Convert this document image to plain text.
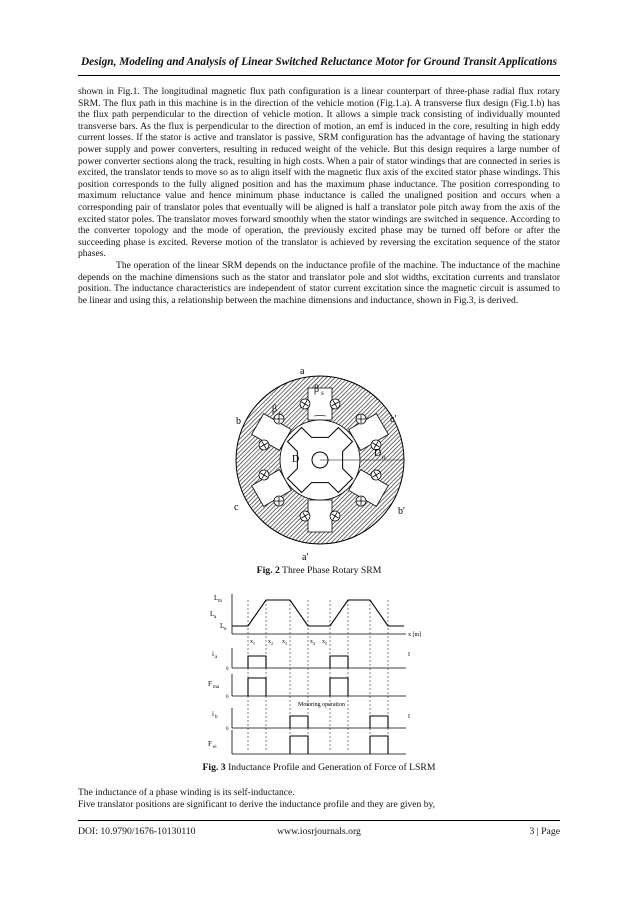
Design, Modeling and Analysis of Linear Switched Reluctance Motor for Ground Transit Applications

shown in Fig.1. The longitudinal magnetic flux path configuration is a linear counterpart of three-phase radial flux rotary SRM. The flux path in this machine is in the direction of the vehicle motion (Fig.1.a). A transverse flux design (Fig.1.b) has the flux path perpendicular to the direction of vehicle motion. It allows a simple track consisting of individually mounted transverse bars. As the flux is perpendicular to the direction of motion, an emf is induced in the core, resulting in high eddy current losses. If the stator is active and translator is passive, SRM configuration has the advantage of having the stationary power supply and power converters, resulting in reduced weight of the vehicle. But this design requires a large number of power converter sections along the track, resulting in high costs. When a pair of stator windings that are connected in series is excited, the translator tends to move so as to align itself with the magnetic flux axis of the excited stator phase windings. This position corresponds to the fully aligned position and has the maximum phase inductance. The position corresponding to maximum reluctance value and hence minimum phase inductance is called the unaligned position and occurs when a corresponding pair of translator poles that eventually will be aligned is half a translator pole pitch away from the axis of the excited stator poles. The translator moves forward smoothly when the stator windings are switched in sequence. According to the converter topology and the mode of operation, the previously excited phase may be turned off before or after the succeeding phase is excited. Reverse motion of the translator is achieved by reversing the excitation sequence of the stator phases.

The operation of the linear SRM depends on the inductance profile of the machine. The inductance of the machine depends on the machine dimensions such as the stator and translator pole and slot widths, excitation currents and translator position. The inductance characteristics are independent of stator current excitation since the magnetic circuit is assumed to be linear and using this, a relationship between the machine dimensions and inductance, shown in Fig.3, is derived.

a
a'
b
b'
c
c'
D
D o
β s
β r
Fig. 2 Three Phase Rotary SRM
L m
L a
L u
x [m]
x 1 x 2 x 3	x 4 x 5
i a
0
F ma
0
Motoring operation
i b
0
F ei
I
I
Fig. 3 Inductance Profile and Generation of Force of LSRM

The inductance of a phase winding is its self-inductance.

Five translator positions are significant to derive the inductance profile and they are given by,

DOI: 10.9790/1676-10130110	www.iosrjournals.org	3 | Page
